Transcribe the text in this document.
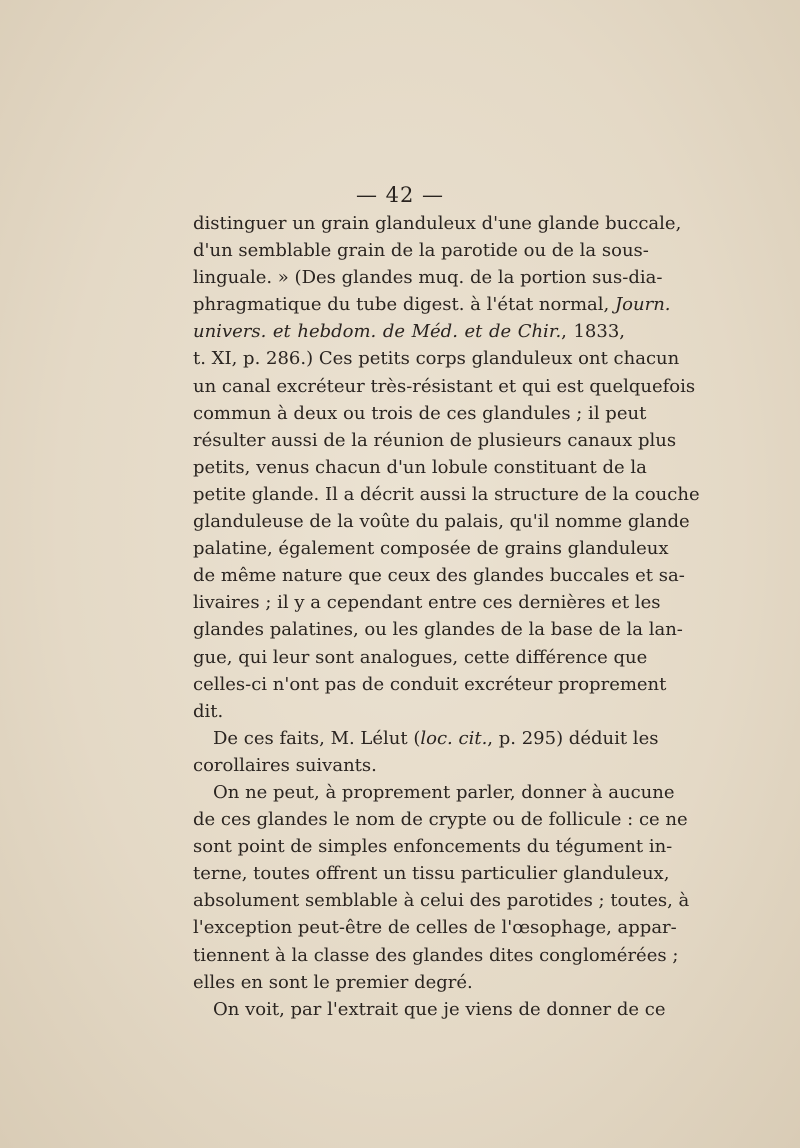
— 42 —
distinguer un grain glanduleux d'une glande buccale,
d'un semblable grain de la parotide ou de la sous-
linguale. » (Des glandes muq. de la portion sus-dia-
phragmatique du tube digest. à l'état normal, Journ.
univers. et hebdom. de Méd. et de Chir., 1833,
t. XI, p. 286.) Ces petits corps glanduleux ont chacun
un canal excréteur très-résistant et qui est quelquefois
commun à deux ou trois de ces glandules ; il peut
résulter aussi de la réunion de plusieurs canaux plus
petits, venus chacun d'un lobule constituant de la
petite glande. Il a décrit aussi la structure de la couche
glanduleuse de la voûte du palais, qu'il nomme glande
palatine, également composée de grains glanduleux
de même nature que ceux des glandes buccales et sa-
livaires ; il y a cependant entre ces dernières et les
glandes palatines, ou les glandes de la base de la lan-
gue, qui leur sont analogues, cette différence que
celles-ci n'ont pas de conduit excréteur proprement
dit.
De ces faits, M. Lélut (loc. cit., p. 295) déduit les
corollaires suivants.
On ne peut, à proprement parler, donner à aucune
de ces glandes le nom de crypte ou de follicule : ce ne
sont point de simples enfoncements du tégument in-
terne, toutes offrent un tissu particulier glanduleux,
absolument semblable à celui des parotides ; toutes, à
l'exception peut-être de celles de l'œsophage, appar-
tiennent à la classe des glandes dites conglomérées ;
elles en sont le premier degré.
On voit, par l'extrait que je viens de donner de ce
